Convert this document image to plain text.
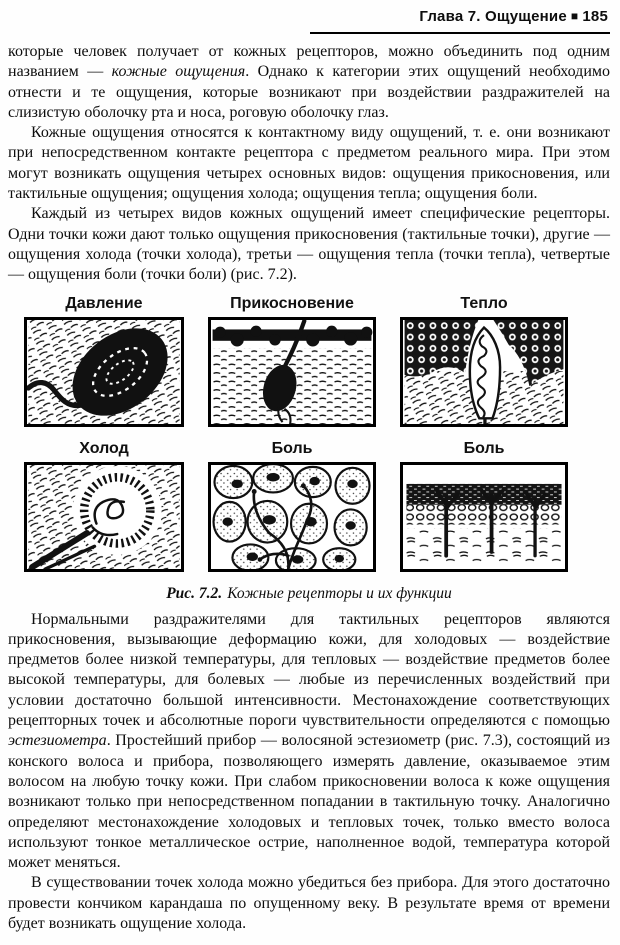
Глава 7. Ощущение ■ 185

которые человек получает от кожных рецепторов, можно объединить под одним названием — кожные ощущения. Однако к категории этих ощущений необходимо отнести и те ощущения, которые возникают при воздействии раздражителей на слизистую оболочку рта и носа, роговую оболочку глаз.

Кожные ощущения относятся к контактному виду ощущений, т. е. они возникают при непосредственном контакте рецептора с предметом реального мира. При этом могут возникать ощущения четырех основных видов: ощущения прикосновения, или тактильные ощущения; ощущения холода; ощущения тепла; ощущения боли.

Каждый из четырех видов кожных ощущений имеет специфические рецепторы. Одни точки кожи дают только ощущения прикосновения (тактильные точки), другие — ощущения холода (точки холода), третьи — ощущения тепла (точки тепла), четвертые — ощущения боли (точки боли) (рис. 7.2).

Давление	Прикосновение	Тепло
Холод	Боль	Боль

Рис. 7.2. Кожные рецепторы и их функции

Нормальными раздражителями для тактильных рецепторов являются прикосновения, вызывающие деформацию кожи, для холодовых — воздействие предметов более низкой температуры, для тепловых — воздействие предметов более высокой температуры, для болевых — любые из перечисленных воздействий при условии достаточно большой интенсивности. Местонахождение соответствующих рецепторных точек и абсолютные пороги чувствительности определяются с помощью эстезиометра. Простейший прибор — волосяной эстезиометр (рис. 7.3), состоящий из конского волоса и прибора, позволяющего измерять давление, оказываемое этим волосом на любую точку кожи. При слабом прикосновении волоса к коже ощущения возникают только при непосредственном попадании в тактильную точку. Аналогично определяют местонахождение холодовых и тепловых точек, только вместо волоса используют тонкое металлическое острие, наполненное водой, температура которой может меняться.

В существовании точек холода можно убедиться без прибора. Для этого достаточно провести кончиком карандаша по опущенному веку. В результате время от времени будет возникать ощущение холода.
